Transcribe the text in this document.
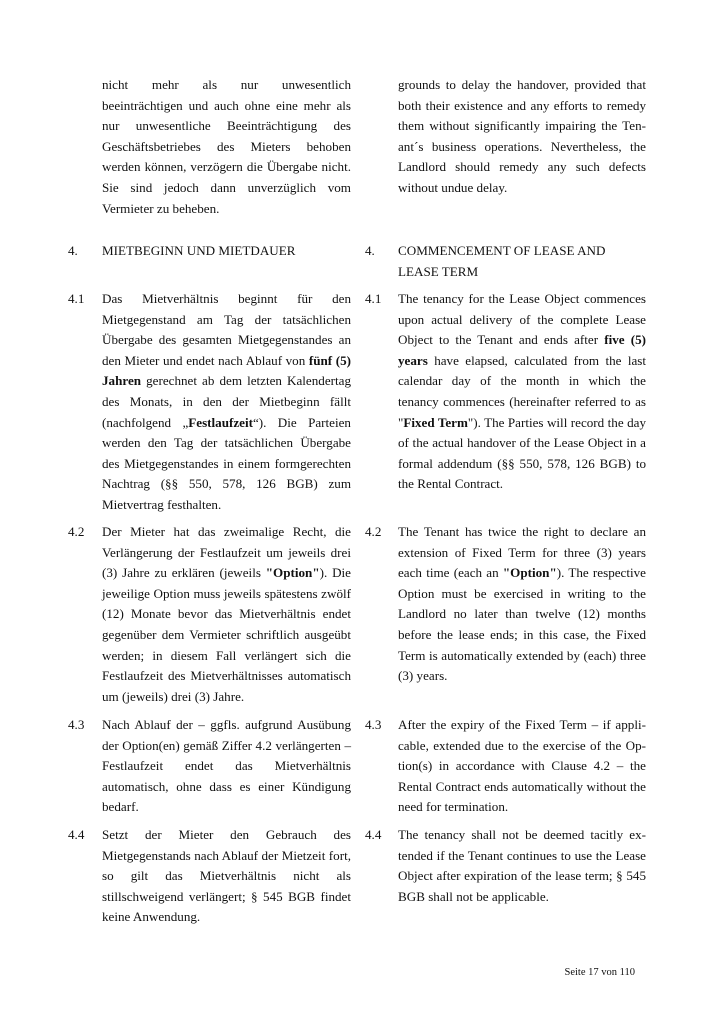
nicht mehr als nur unwesentlich beeinträchtigen und auch ohne eine mehr als nur unwesentliche Beeinträchtigung des Geschäftsbetriebes des Mieters behoben werden können, verzögern die Übergabe nicht. Sie sind jedoch dann unverzüglich vom Vermieter zu beheben.

grounds to delay the handover, provided that both their existence and any efforts to remedy them without significantly impairing the Tenant´s business operations. Nevertheless, the Landlord should remedy any such defects without undue delay.

4. MIETBEGINN UND MIETDAUER	4. COMMENCEMENT OF LEASE AND LEASE TERM
4.1 Das Mietverhältnis beginnt für den Mietgegenstand am Tag der tatsächlichen Übergabe des gesamten Mietgegenstandes an den Mieter und endet nach Ablauf von fünf (5) Jahren gerechnet ab dem letzten Kalendertag des Monats, in den der Mietbeginn fällt (nachfolgend „Festlaufzeit“). Die Parteien werden den Tag der tatsächlichen Übergabe des Mietgegenstandes in einem formgerechten Nachtrag (§§ 550, 578, 126 BGB) zum Mietvertrag festhalten.

4.1 The tenancy for the Lease Object commences upon actual delivery of the complete Lease Object to the Tenant and ends after five (5) years have elapsed, calculated from the last calendar day of the month in which the tenancy commences (hereinafter referred to as "Fixed Term"). The Parties will record the day of the actual handover of the Lease Object in a formal addendum (§§ 550, 578, 126 BGB) to the Rental Contract.

4.2 Der Mieter hat das zweimalige Recht, die Verlängerung der Festlaufzeit um jeweils drei (3) Jahre zu erklären (jeweils "Option"). Die jeweilige Option muss jeweils spätestens zwölf (12) Monate bevor das Mietverhältnis endet gegenüber dem Vermieter schriftlich ausgeübt werden; in diesem Fall verlängert sich die Festlaufzeit des Mietverhältnisses automatisch um (jeweils) drei (3) Jahre.

4.2 The Tenant has twice the right to declare an extension of Fixed Term for three (3) years each time (each an "Option"). The respective Option must be exercised in writing to the Landlord no later than twelve (12) months before the lease ends; in this case, the Fixed Term is automatically extended by (each) three (3) years.

4.3 Nach Ablauf der – ggfls. aufgrund Ausübung der Option(en) gemäß Ziffer 4.2 verlängerten – Festlaufzeit endet das Mietverhältnis automatisch, ohne dass es einer Kündigung bedarf.

4.3 After the expiry of the Fixed Term – if applicable, extended due to the exercise of the Option(s) in accordance with Clause 4.2 – the Rental Contract ends automatically without the need for termination.

4.4 Setzt der Mieter den Gebrauch des Mietgegenstands nach Ablauf der Mietzeit fort, so gilt das Mietverhältnis nicht als stillschweigend verlängert; § 545 BGB findet keine Anwendung.

4.4 The tenancy shall not be deemed tacitly extended if the Tenant continues to use the Lease Object after expiration of the lease term; § 545 BGB shall not be applicable.

Seite 17 von 110
